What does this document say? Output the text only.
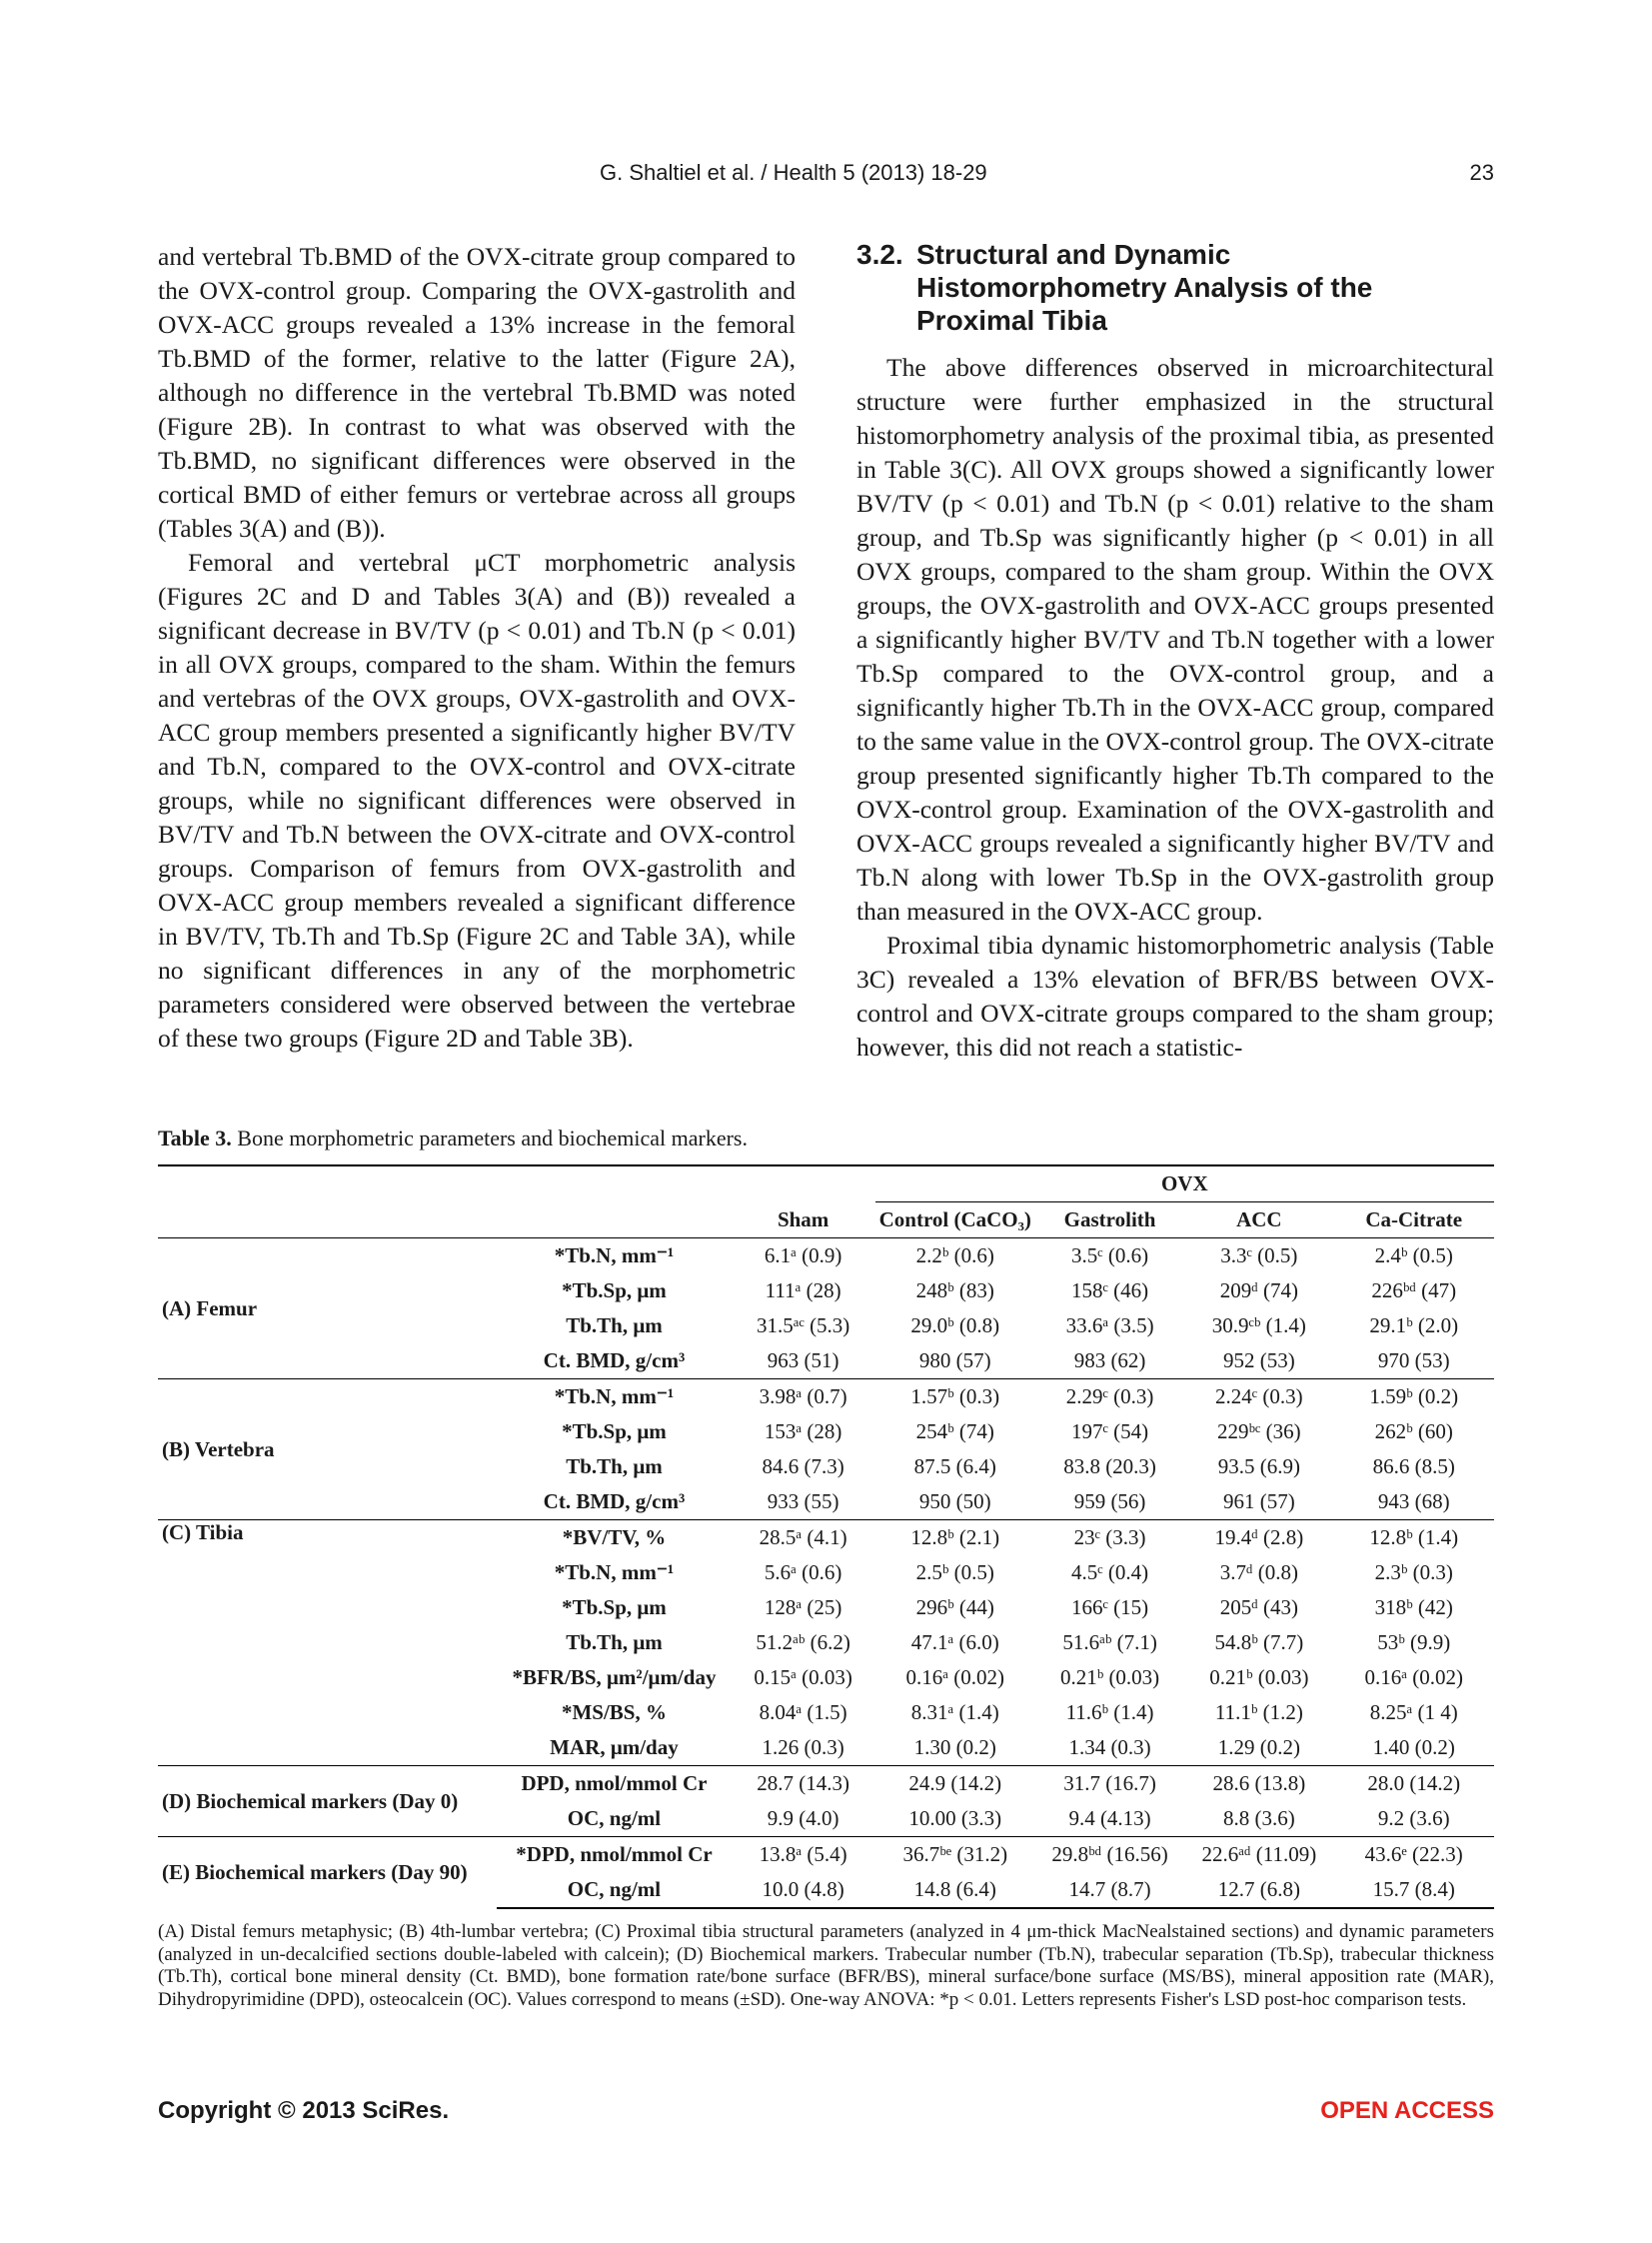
G. Shaltiel et al. / Health 5 (2013) 18-29	23

and vertebral Tb.BMD of the OVX-citrate group compared to the OVX-control group. Comparing the OVX-gastrolith and OVX-ACC groups revealed a 13% increase in the femoral Tb.BMD of the former, relative to the latter (Figure 2A), although no difference in the vertebral Tb.BMD was noted (Figure 2B). In contrast to what was observed with the Tb.BMD, no significant differences were observed in the cortical BMD of either femurs or vertebrae across all groups (Tables 3(A) and (B)).

Femoral and vertebral μCT morphometric analysis (Figures 2C and D and Tables 3(A) and (B)) revealed a significant decrease in BV/TV (p < 0.01) and Tb.N (p < 0.01) in all OVX groups, compared to the sham. Within the femurs and vertebras of the OVX groups, OVX-gastrolith and OVX-ACC group members presented a significantly higher BV/TV and Tb.N, compared to the OVX-control and OVX-citrate groups, while no significant differences were observed in BV/TV and Tb.N between the OVX-citrate and OVX-control groups. Comparison of femurs from OVX-gastrolith and OVX-ACC group members revealed a significant difference in BV/TV, Tb.Th and Tb.Sp (Figure 2C and Table 3A), while no significant differences in any of the morphometric parameters considered were observed between the vertebrae of these two groups (Figure 2D and Table 3B).

3.2. Structural and Dynamic
Histomorphometry Analysis of the
Proximal Tibia

The above differences observed in microarchitectural structure were further emphasized in the structural histomorphometry analysis of the proximal tibia, as presented in Table 3(C). All OVX groups showed a significantly lower BV/TV (p < 0.01) and Tb.N (p < 0.01) relative to the sham group, and Tb.Sp was significantly higher (p < 0.01) in all OVX groups, compared to the sham group. Within the OVX groups, the OVX-gastrolith and OVX-ACC groups presented a significantly higher BV/TV and Tb.N together with a lower Tb.Sp compared to the OVX-control group, and a significantly higher Tb.Th in the OVX-ACC group, compared to the same value in the OVX-control group. The OVX-citrate group presented significantly higher Tb.Th compared to the OVX-control group. Examination of the OVX-gastrolith and OVX-ACC groups revealed a significantly higher BV/TV and Tb.N along with lower Tb.Sp in the OVX-gastrolith group than measured in the OVX-ACC group.

Proximal tibia dynamic histomorphometric analysis (Table 3C) revealed a 13% elevation of BFR/BS between OVX-control and OVX-citrate groups compared to the sham group; however, this did not reach a statistic-

Table 3. Bone morphometric parameters and biochemical markers.
			OVX			
		Sham	Control (CaCO₃)	Gastrolith	ACC	Ca-Citrate
(A) Femur	*Tb.N, mm⁻¹	6.1ᵃ (0.9)	2.2ᵇ (0.6)	3.5ᶜ (0.6)	3.3ᶜ (0.5)	2.4ᵇ (0.5)
	*Tb.Sp, μm	111ᵃ (28)	248ᵇ (83)	158ᶜ (46)	209ᵈ (74)	226ᵇᵈ (47)
	Tb.Th, μm	31.5ᵃᶜ (5.3)	29.0ᵇ (0.8)	33.6ᵃ (3.5)	30.9ᶜᵇ (1.4)	29.1ᵇ (2.0)
	Ct. BMD, g/cm³	963 (51)	980 (57)	983 (62)	952 (53)	970 (53)
(B) Vertebra	*Tb.N, mm⁻¹	3.98ᵃ (0.7)	1.57ᵇ (0.3)	2.29ᶜ (0.3)	2.24ᶜ (0.3)	1.59ᵇ (0.2)
	*Tb.Sp, μm	153ᵃ (28)	254ᵇ (74)	197ᶜ (54)	229ᵇᶜ (36)	262ᵇ (60)
	Tb.Th, μm	84.6 (7.3)	87.5 (6.4)	83.8 (20.3)	93.5 (6.9)	86.6 (8.5)
	Ct. BMD, g/cm³	933 (55)	950 (50)	959 (56)	961 (57)	943 (68)
(C) Tibia	*BV/TV, %	28.5ᵃ (4.1)	12.8ᵇ (2.1)	23ᶜ (3.3)	19.4ᵈ (2.8)	12.8ᵇ (1.4)
	*Tb.N, mm⁻¹	5.6ᵃ (0.6)	2.5ᵇ (0.5)	4.5ᶜ (0.4)	3.7ᵈ (0.8)	2.3ᵇ (0.3)
	*Tb.Sp, μm	128ᵃ (25)	296ᵇ (44)	166ᶜ (15)	205ᵈ (43)	318ᵇ (42)
	Tb.Th, μm	51.2ᵃᵇ (6.2)	47.1ᵃ (6.0)	51.6ᵃᵇ (7.1)	54.8ᵇ (7.7)	53ᵇ (9.9)
	*BFR/BS, μm²/μm/day	0.15ᵃ (0.03)	0.16ᵃ (0.02)	0.21ᵇ (0.03)	0.21ᵇ (0.03)	0.16ᵃ (0.02)
	*MS/BS, %	8.04ᵃ (1.5)	8.31ᵃ (1.4)	11.6ᵇ (1.4)	11.1ᵇ (1.2)	8.25ᵃ (1 4)
	MAR, μm/day	1.26 (0.3)	1.30 (0.2)	1.34 (0.3)	1.29 (0.2)	1.40 (0.2)
(D) Biochemical markers (Day 0)	DPD, nmol/mmol Cr	28.7 (14.3)	24.9 (14.2)	31.7 (16.7)	28.6 (13.8)	28.0 (14.2)
	OC, ng/ml	9.9 (4.0)	10.00 (3.3)	9.4 (4.13)	8.8 (3.6)	9.2 (3.6)
(E) Biochemical markers (Day 90)	*DPD, nmol/mmol Cr	13.8ᵃ (5.4)	36.7ᵇᵉ (31.2)	29.8ᵇᵈ (16.56)	22.6ᵃᵈ (11.09)	43.6ᵉ (22.3)
	OC, ng/ml	10.0 (4.8)	14.8 (6.4)	14.7 (8.7)	12.7 (6.8)	15.7 (8.4)
(A) Distal femurs metaphysic; (B) 4th-lumbar vertebra; (C) Proximal tibia structural parameters (analyzed in 4 μm-thick MacNealstained sections) and dynamic parameters (analyzed in un-decalcified sections double-labeled with calcein); (D) Biochemical markers. Trabecular number (Tb.N), trabecular separation (Tb.Sp), trabecular thickness (Tb.Th), cortical bone mineral density (Ct. BMD), bone formation rate/bone surface (BFR/BS), mineral surface/bone surface (MS/BS), mineral apposition rate (MAR), Dihydropyrimidine (DPD), osteocalcein (OC). Values correspond to means (±SD). One-way ANOVA: *p < 0.01. Letters represents Fisher's LSD post-hoc comparison tests.
Copyright © 2013 SciRes.	OPEN ACCESS
